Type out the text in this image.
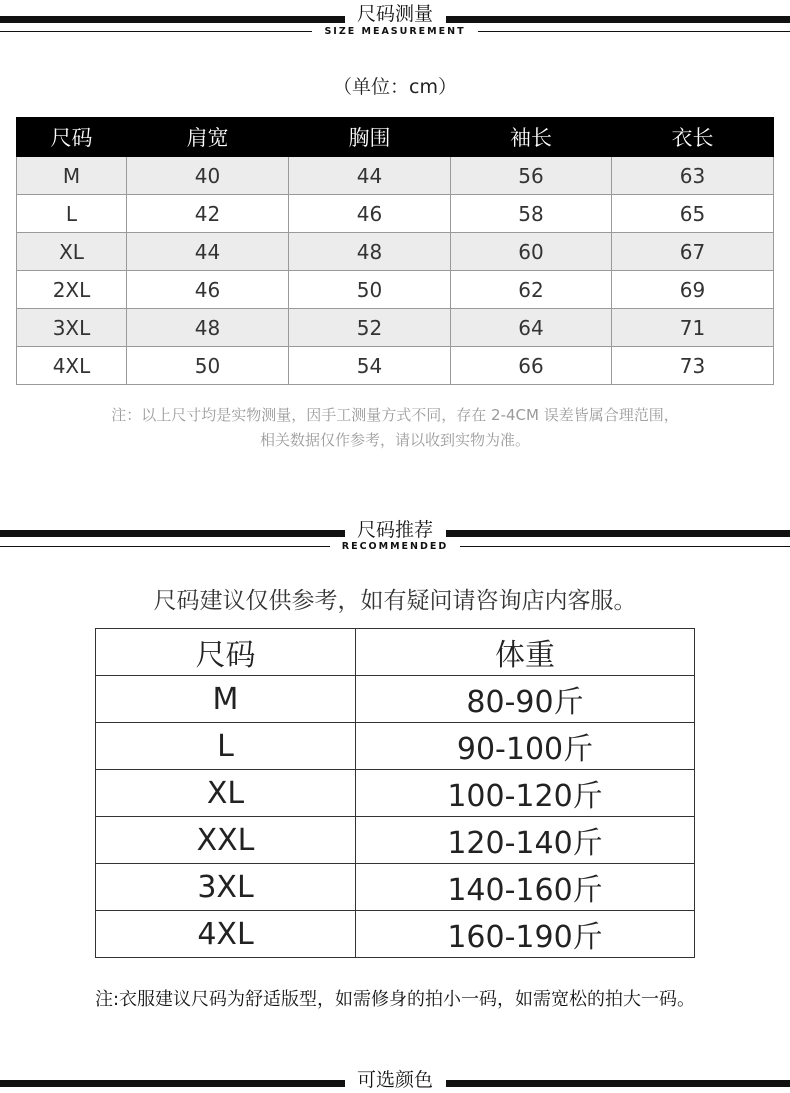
尺码测量
SIZE MEASUREMENT
（单位：cm）
尺码	肩宽	胸围	袖长	衣长
M	40	44	56	63
L	42	46	58	65
XL	44	48	60	67
2XL	46	50	62	69
3XL	48	52	64	71
4XL	50	54	66	73
注：以上尺寸均是实物测量，因手工测量方式不同，存在 2-4CM 误差皆属合理范围，
相关数据仅作参考，请以收到实物为准。
尺码推荐
RECOMMENDED
尺码建议仅供参考，如有疑问请咨询店内客服。
尺码	体重
M	80-90斤
L	90-100斤
XL	100-120斤
XXL	120-140斤
3XL	140-160斤
4XL	160-190斤
注:衣服建议尺码为舒适版型，如需修身的拍小一码，如需宽松的拍大一码。
可选颜色
